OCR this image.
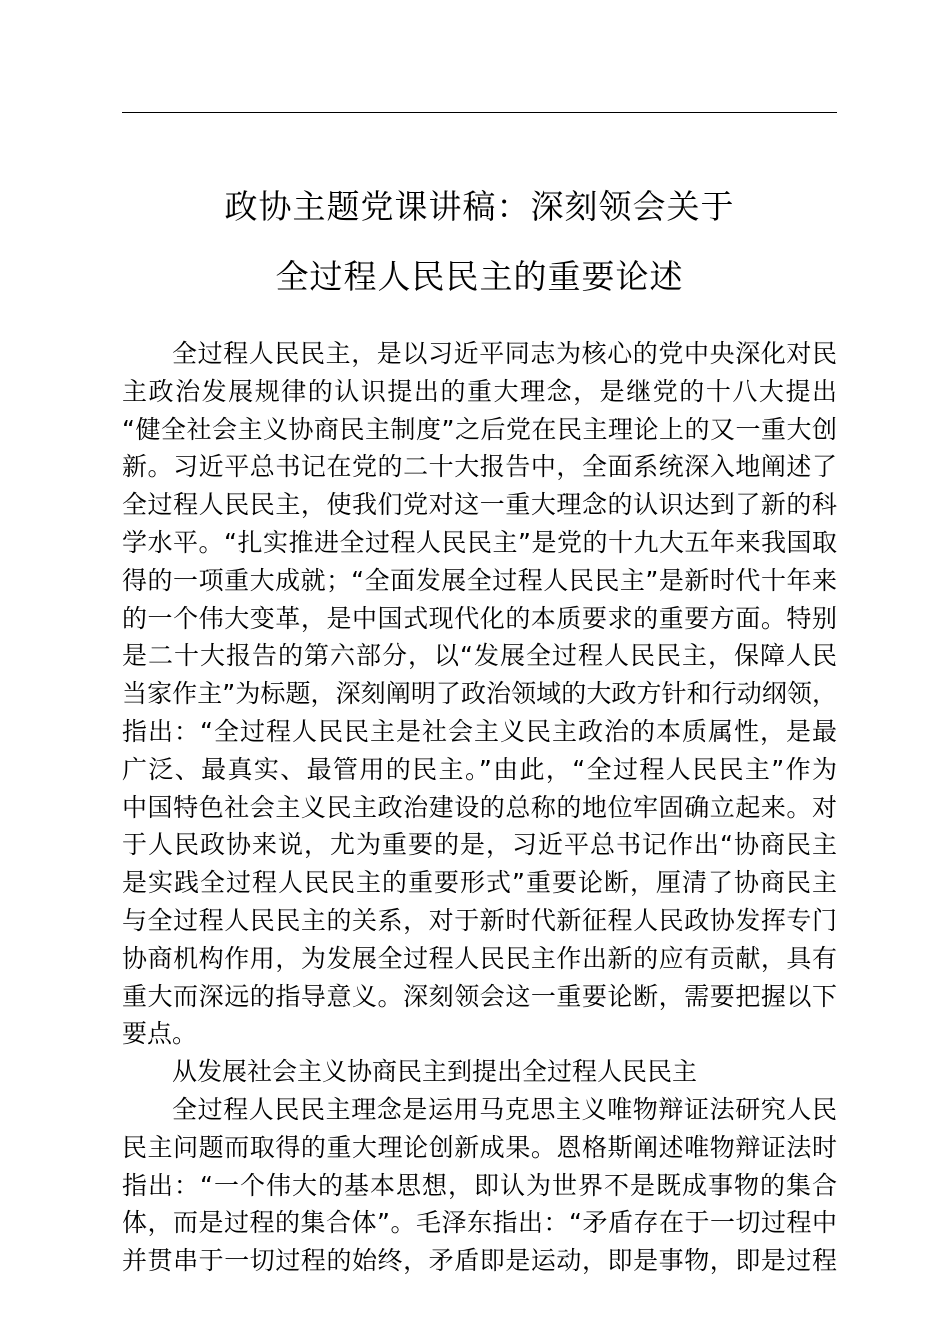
政协主题党课讲稿：深刻领会关于
全过程人民民主的重要论述
全过程人民民主，是以习近平同志为核心的党中央深化对民
主政治发展规律的认识提出的重大理念，是继党的十八大提出
“健全社会主义协商民主制度”之后党在民主理论上的又一重大创
新。习近平总书记在党的二十大报告中，全面系统深入地阐述了
全过程人民民主，使我们党对这一重大理念的认识达到了新的科
学水平。“扎实推进全过程人民民主”是党的十九大五年来我国取
得的一项重大成就；“全面发展全过程人民民主”是新时代十年来
的一个伟大变革，是中国式现代化的本质要求的重要方面。特别
是二十大报告的第六部分，以“发展全过程人民民主，保障人民
当家作主”为标题，深刻阐明了政治领域的大政方针和行动纲领，
指出：“全过程人民民主是社会主义民主政治的本质属性，是最
广泛、最真实、最管用的民主。”由此，“全过程人民民主”作为
中国特色社会主义民主政治建设的总称的地位牢固确立起来。对
于人民政协来说，尤为重要的是，习近平总书记作出“协商民主
是实践全过程人民民主的重要形式”重要论断，厘清了协商民主
与全过程人民民主的关系，对于新时代新征程人民政协发挥专门
协商机构作用，为发展全过程人民民主作出新的应有贡献，具有
重大而深远的指导意义。深刻领会这一重要论断，需要把握以下
要点。
从发展社会主义协商民主到提出全过程人民民主
全过程人民民主理念是运用马克思主义唯物辩证法研究人民
民主问题而取得的重大理论创新成果。恩格斯阐述唯物辩证法时
指出：“一个伟大的基本思想，即认为世界不是既成事物的集合
体，而是过程的集合体”。毛泽东指出：“矛盾存在于一切过程中
并贯串于一切过程的始终，矛盾即是运动，即是事物，即是过程
